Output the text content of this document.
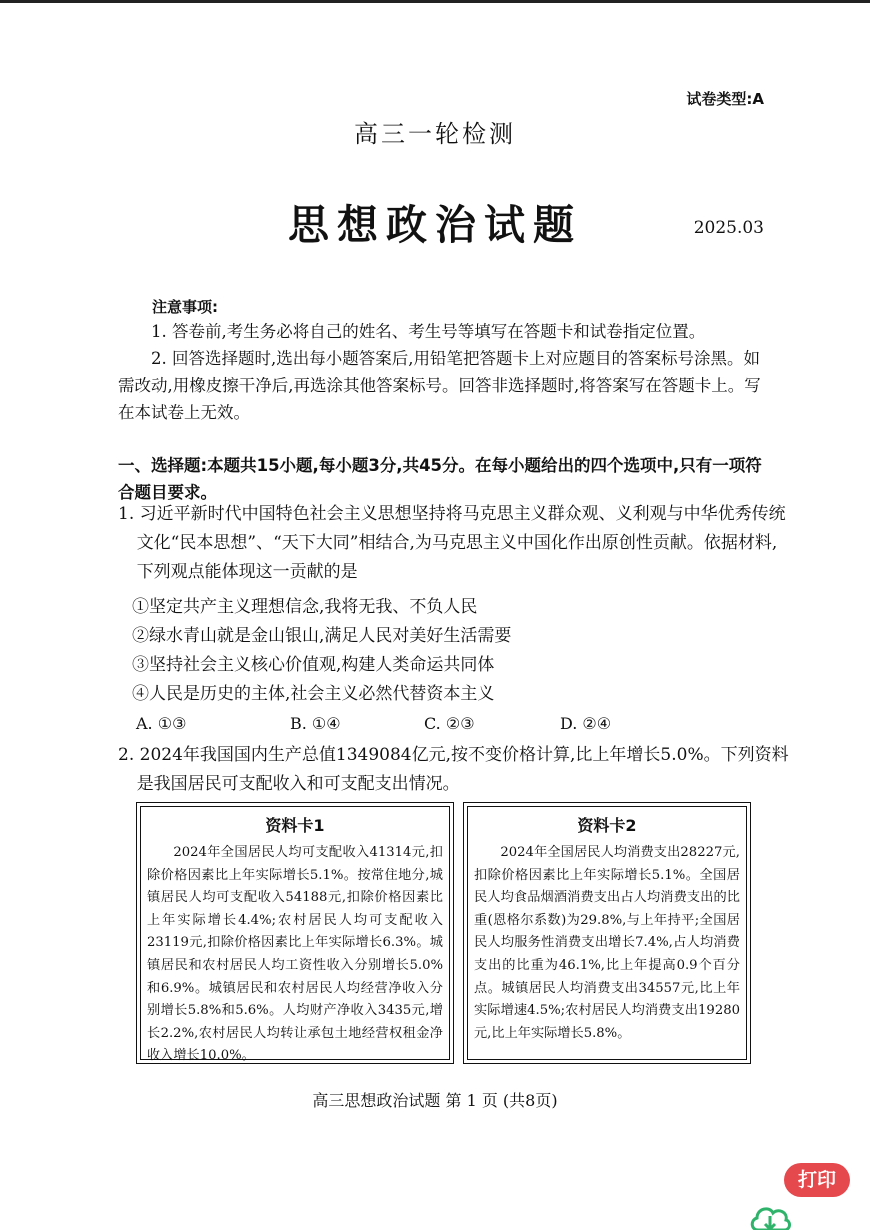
试卷类型:A
高三一轮检测
思想政治试题	2025.03
注意事项:
1. 答卷前,考生务必将自己的姓名、考生号等填写在答题卡和试卷指定位置。
2. 回答选择题时,选出每小题答案后,用铅笔把答题卡上对应题目的答案标号涂黑。如需改动,用橡皮擦干净后,再选涂其他答案标号。回答非选择题时,将答案写在答题卡上。写在本试卷上无效。
一、选择题:本题共15小题,每小题3分,共45分。在每小题给出的四个选项中,只有一项符合题目要求。
1. 习近平新时代中国特色社会主义思想坚持将马克思主义群众观、义利观与中华优秀传统文化“民本思想”、“天下大同”相结合,为马克思主义中国化作出原创性贡献。依据材料,下列观点能体现这一贡献的是
①坚定共产主义理想信念,我将无我、不负人民
②绿水青山就是金山银山,满足人民对美好生活需要
③坚持社会主义核心价值观,构建人类命运共同体
④人民是历史的主体,社会主义必然代替资本主义
A. ①③	B. ①④	C. ②③	D. ②④
2. 2024年我国国内生产总值1349084亿元,按不变价格计算,比上年增长5.0%。下列资料是我国居民可支配收入和可支配支出情况。
资料卡1

2024年全国居民人均可支配收入41314元,扣除价格因素比上年实际增长5.1%。按常住地分,城镇居民人均可支配收入54188元,扣除价格因素比上年实际增长4.4%;农村居民人均可支配收入23119元,扣除价格因素比上年实际增长6.3%。城镇居民和农村居民人均工资性收入分别增长5.0%和6.9%。城镇居民和农村居民人均经营净收入分别增长5.8%和5.6%。人均财产净收入3435元,增长2.2%,农村居民人均转让承包土地经营权租金净收入增长10.0%。

资料卡2

2024年全国居民人均消费支出28227元,扣除价格因素比上年实际增长5.1%。全国居民人均食品烟酒消费支出占人均消费支出的比重(恩格尔系数)为29.8%,与上年持平;全国居民人均服务性消费支出增长7.4%,占人均消费支出的比重为46.1%,比上年提高0.9个百分点。城镇居民人均消费支出34557元,比上年实际增速4.5%;农村居民人均消费支出19280元,比上年实际增长5.8%。

高三思想政治试题 第 1 页 (共8页)
打印
